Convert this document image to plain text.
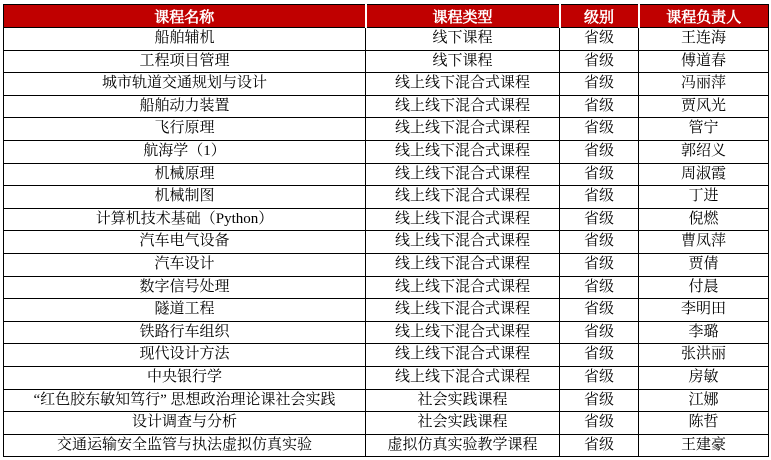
课程名称	课程类型	级别	课程负责人
船舶辅机	线下课程	省级	王连海
工程项目管理	线下课程	省级	傅道春
城市轨道交通规划与设计	线上线下混合式课程	省级	冯丽萍
船舶动力装置	线上线下混合式课程	省级	贾风光
飞行原理	线上线下混合式课程	省级	管宁
航海学（1）	线上线下混合式课程	省级	郭绍义
机械原理	线上线下混合式课程	省级	周淑霞
机械制图	线上线下混合式课程	省级	丁进
计算机技术基础（Python）	线上线下混合式课程	省级	倪燃
汽车电气设备	线上线下混合式课程	省级	曹凤萍
汽车设计	线上线下混合式课程	省级	贾倩
数字信号处理	线上线下混合式课程	省级	付晨
隧道工程	线上线下混合式课程	省级	李明田
铁路行车组织	线上线下混合式课程	省级	李璐
现代设计方法	线上线下混合式课程	省级	张洪丽
中央银行学	线上线下混合式课程	省级	房敏
“红色胶东敏知笃行” 思想政治理论课社会实践	社会实践课程	省级	江娜
设计调查与分析	社会实践课程	省级	陈哲
交通运输安全监管与执法虚拟仿真实验	虚拟仿真实验教学课程	省级	王建豪
